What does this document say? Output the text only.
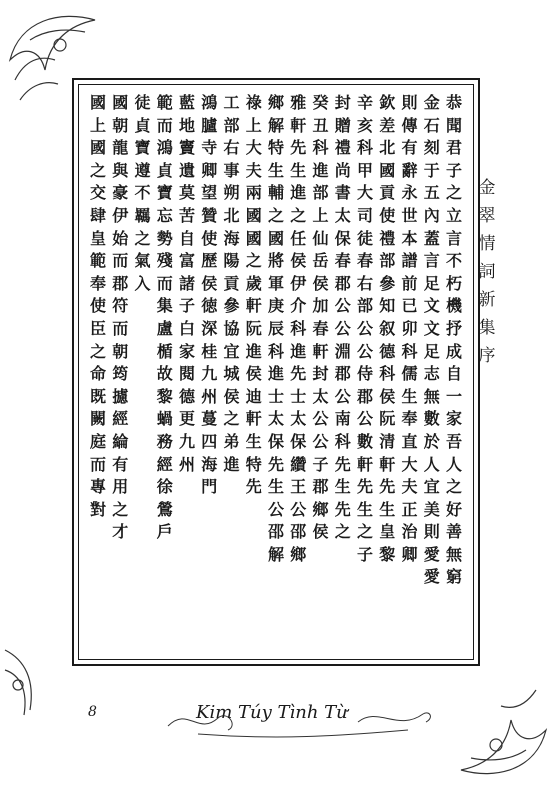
金
翠
情
詞
新
集
序
恭
聞
君
子
之
立
言
不
朽
機
抒
成
自
一
家
吾
人
之
好
善
無
窮
金
石
刻
于
五
內
蓋
言
足
文
文
足
志
無
數
於
人
宜
美
則
愛
愛
則
傳
有
辭
永
世
本
譜
前
已
卯
科
儒
生
奉
直
大
夫
正
治
卿
欽
差
北
國
貢
使
禮
部
參
知
叙
德
科
侯
阮
清
軒
先
生
皇
黎
辛
亥
科
甲
大
司
徒
春
右
部
公
公
侍
郡
公
數
軒
先
生
之
子
封
贈
禮
尚
書
太
保
春
郡
公
公
淵
郡
公
南
科
先
生
先
之
癸
丑
科
進
部
上
仙
岳
侯
加
春
軒
封
太
公
公
子
郡
鄉
侯
雅
軒
先
生
進
之
任
侯
伊
介
科
進
先
士
太
保
纘
王
公
邵
鄉
鄉
解
特
生
輔
之
國
將
軍
庚
辰
科
進
士
太
保
先
生
公
邵
解
祿
上
大
夫
兩
國
國
之
歲
軒
阮
進
侯
迪
軒
生
特
先
工
部
右
事
朔
北
海
陽
貢
參
協
宜
城
侯
之
弟
進
鴻
臚
寺
卿
望
贊
使
歷
侯
徳
深
桂
九
州
蔓
四
海
門
藍
地
竇
遺
莫
苦
自
富
諸
子
白
家
閱
德
更
九
州
範
而
鴻
貞
寶
忘
勢
殘
而
集
盧
楯
故
黎
蝸
務
經
徐
鶯
戶
徒
貞
寶
遵
不
羈
之
氣
入
國
朝
龍
與
豪
伊
始
而
郡
符
而
朝
筠
攄
經
綸
有
用
之
才
國
上
國
之
交
肆
皇
範
奉
使
臣
之
命
既
闕
庭
而
專
對
8	Kim Túy Tình Từ
